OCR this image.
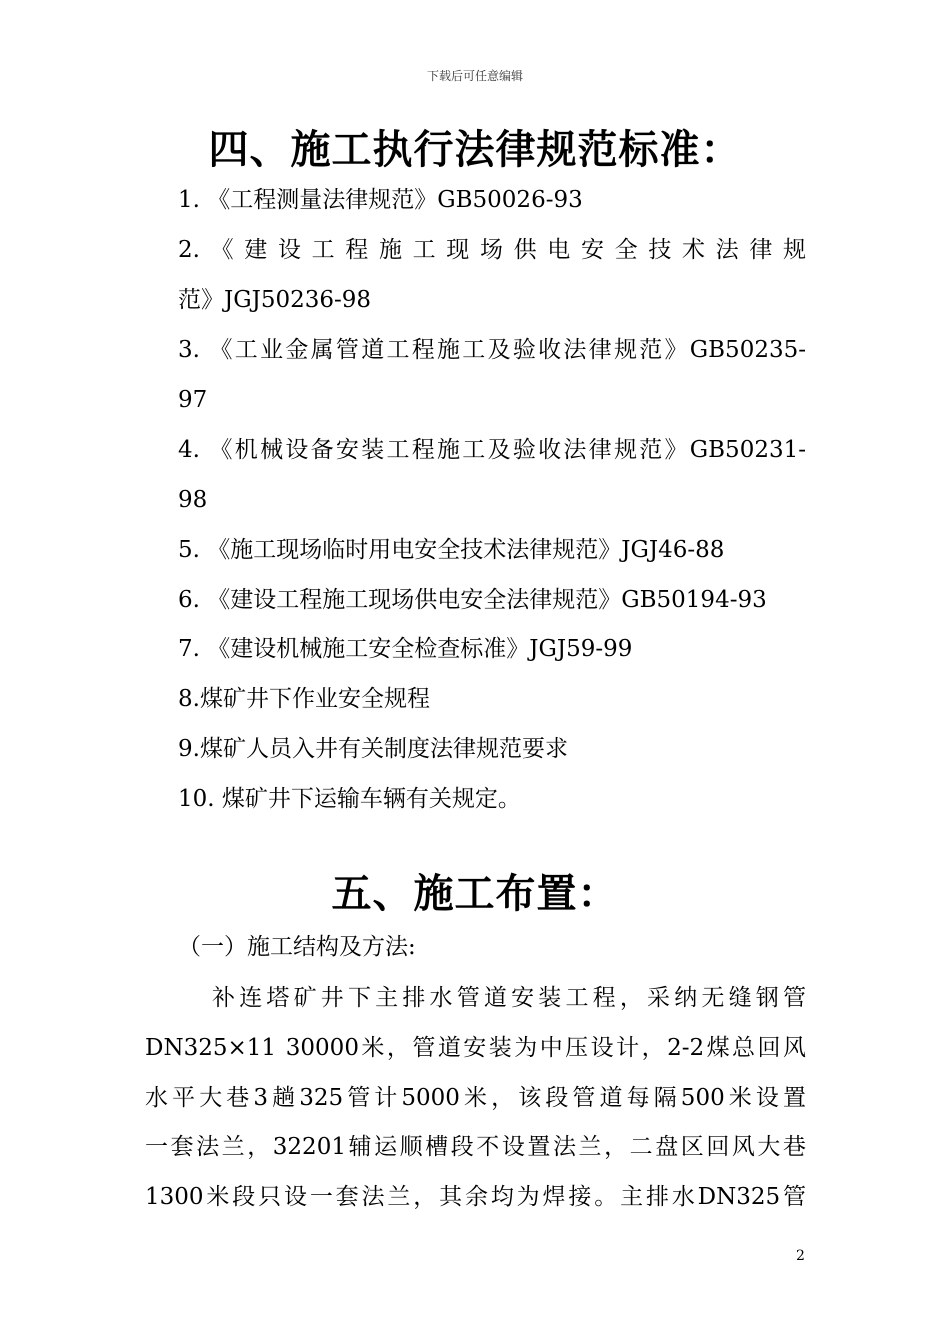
下载后可任意编辑
四、施工执行法律规范标准：
1. 《工程测量法律规范》GB50026-93
2.《建设工程施工现场供电安全技术法律规
范》JGJ50236-98
3. 《工业金属管道工程施工及验收法律规范》GB50235-
97
4. 《机械设备安装工程施工及验收法律规范》GB50231-
98
5. 《施工现场临时用电安全技术法律规范》JGJ46-88
6. 《建设工程施工现场供电安全法律规范》GB50194-93
7. 《建设机械施工安全检查标准》JGJ59-99
8.煤矿井下作业安全规程
9.煤矿人员入井有关制度法律规范要求
10. 煤矿井下运输车辆有关规定。
五、施工布置：
（一）施工结构及方法:
补连塔矿井下主排水管道安装工程，采纳无缝钢管
DN325×11 30000米，管道安装为中压设计，2-2煤总回风
水平大巷3趟325管计5000米，该段管道每隔500米设置
一套法兰，32201辅运顺槽段不设置法兰，二盘区回风大巷
1300米段只设一套法兰，其余均为焊接。主排水DN325管
2
